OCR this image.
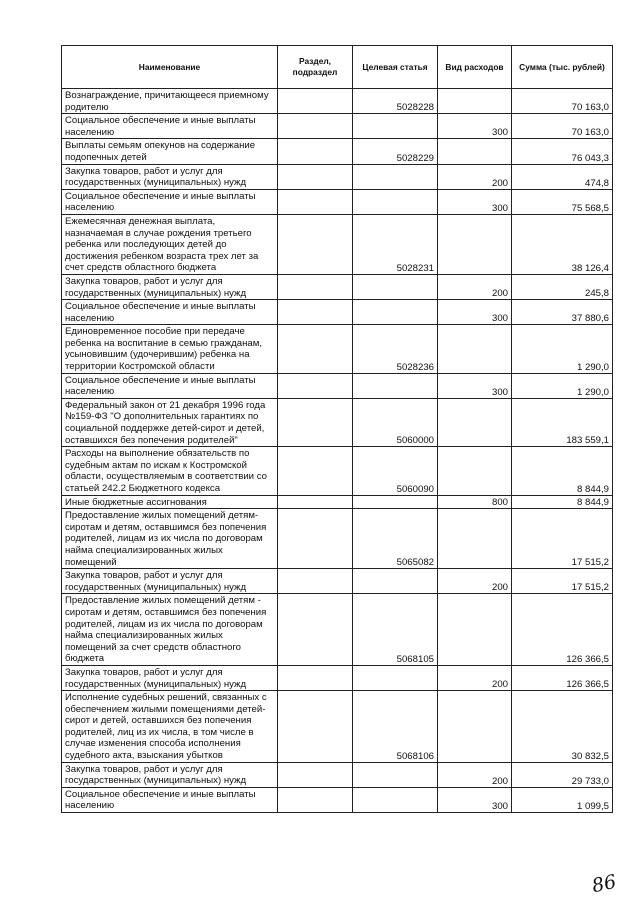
Наименование	Раздел, подраздел	Целевая статья	Вид расходов	Сумма (тыс. рублей)
Вознаграждение, причитающееся приемному родителю		5028228		70 163,0
Социальное обеспечение и иные выплаты населению			300	70 163,0
Выплаты семьям опекунов на содержание подопечных детей		5028229		76 043,3
Закупка товаров, работ и услуг для государственных (муниципальных) нужд			200	474,8
Социальное обеспечение и иные выплаты населению			300	75 568,5
Ежемесячная денежная выплата, назначаемая в случае рождения третьего ребенка или последующих детей до достижения ребенком возраста трех лет за счет средств областного бюджета		5028231		38 126,4
Закупка товаров, работ и услуг для государственных (муниципальных) нужд			200	245,8
Социальное обеспечение и иные выплаты населению			300	37 880,6
Единовременное пособие при передаче ребенка на воспитание в семью гражданам, усыновившим (удочерившим) ребенка на территории Костромской области		5028236		1 290,0
Социальное обеспечение и иные выплаты населению			300	1 290,0
Федеральный закон от 21 декабря 1996 года №159-ФЗ "О дополнительных гарантиях по социальной поддержке детей-сирот и детей, оставшихся без попечения родителей"		5060000		183 559,1
Расходы на выполнение обязательств по судебным актам по искам к Костромской области, осуществляемым в соответствии со статьей 242.2 Бюджетного кодекса		5060090		8 844,9
Иные бюджетные ассигнования			800	8 844,9
Предоставление жилых помещений детям-сиротам и детям, оставшимся без попечения родителей, лицам из их числа по договорам найма специализированных жилых помещений		5065082		17 515,2
Закупка товаров, работ и услуг для государственных (муниципальных) нужд			200	17 515,2
Предоставление жилых помещений детям - сиротам и детям, оставшимся без попечения родителей, лицам из их числа по договорам найма специализированных жилых помещений за счет средств областного бюджета		5068105		126 366,5
Закупка товаров, работ и услуг для государственных (муниципальных) нужд			200	126 366,5
Исполнение судебных решений, связанных с обеспечением жилыми помещениями детей-сирот и детей, оставшихся без попечения родителей, лиц из их числа, в том числе в случае изменения способа исполнения судебного акта, взыскания убытков		5068106		30 832,5
Закупка товаров, работ и услуг для государственных (муниципальных) нужд			200	29 733,0
Социальное обеспечение и иные выплаты населению			300	1 099,5
86
